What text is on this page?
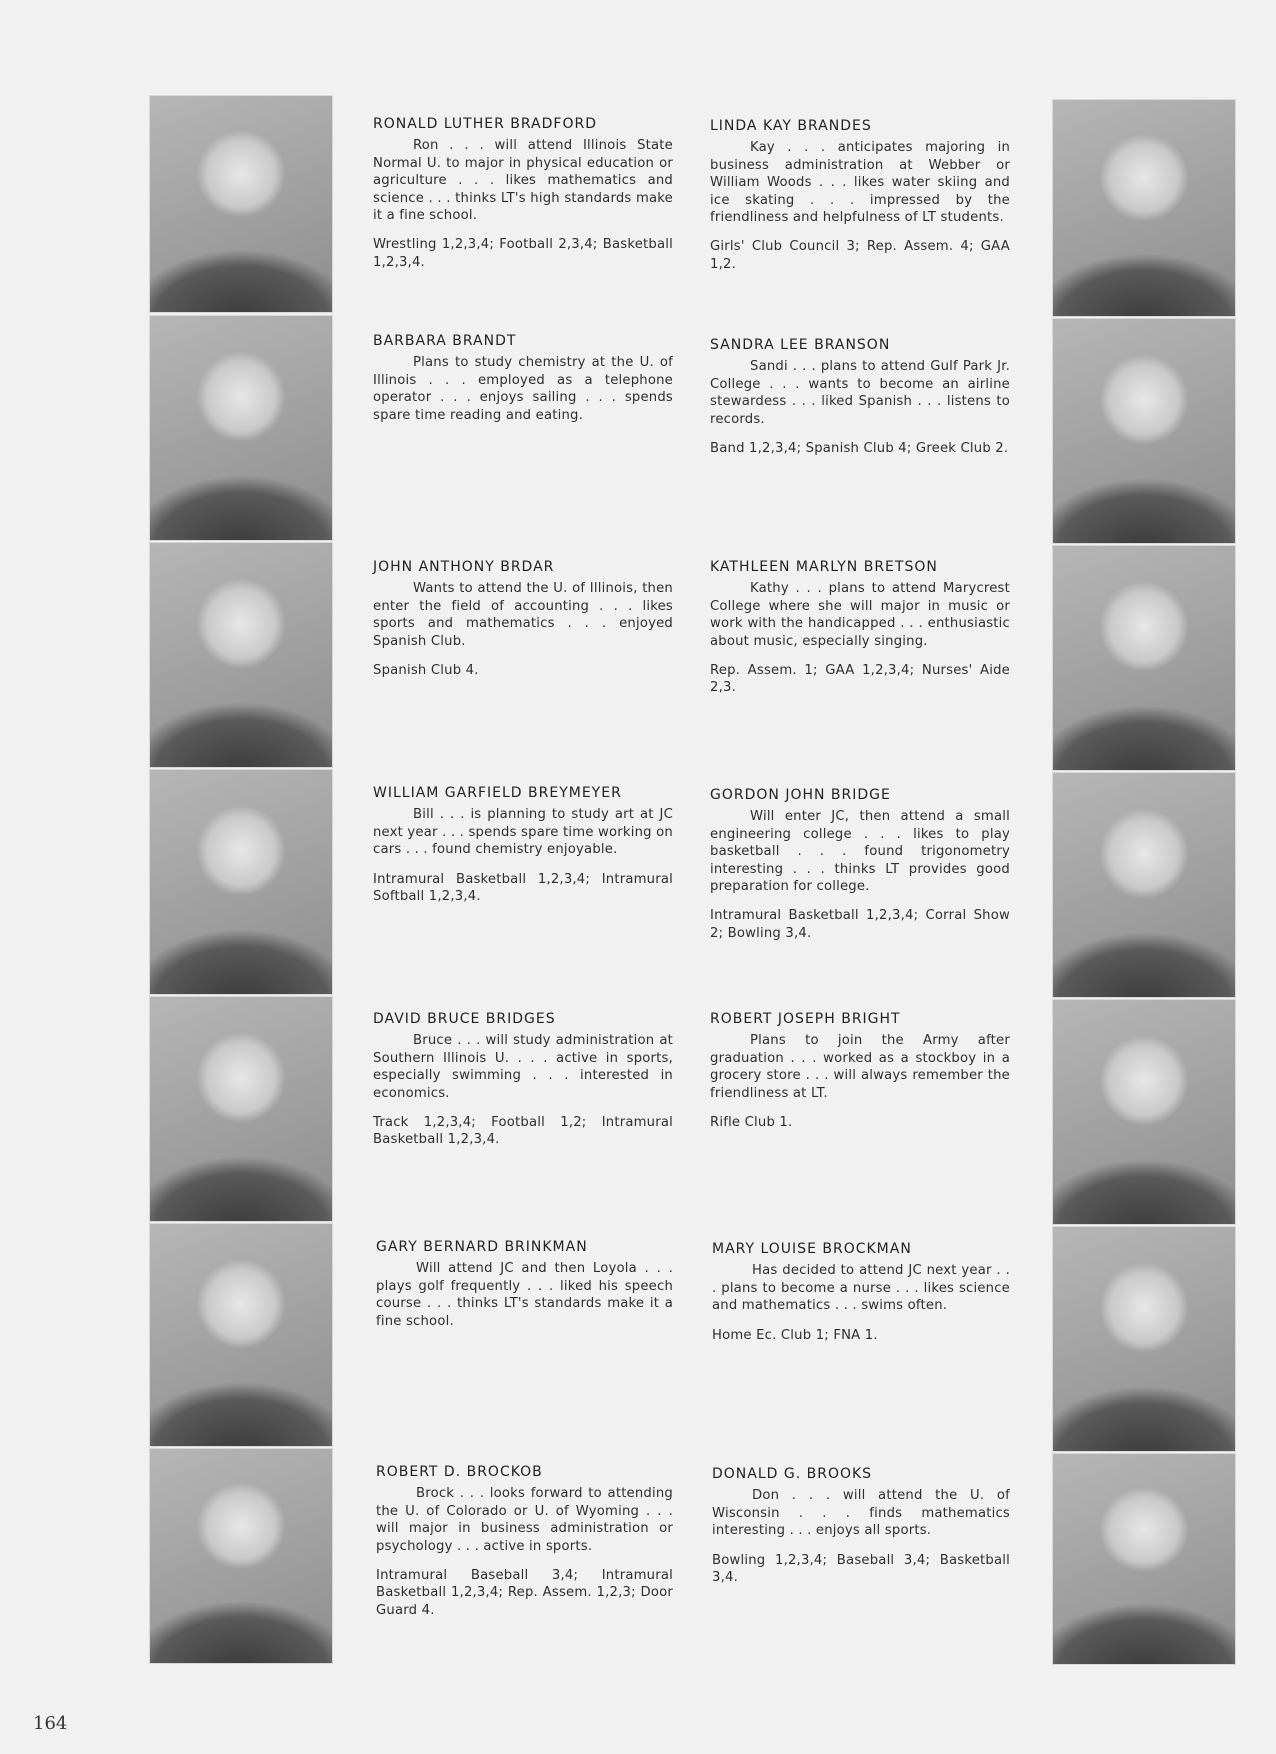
RONALD LUTHER BRADFORD
Ron . . . will attend Illinois State Normal U. to major in physical education or agriculture . . . likes mathematics and science . . . thinks LT's high standards make it a fine school.
Wrestling 1,2,3,4; Football 2,3,4; Basketball 1,2,3,4.
BARBARA BRANDT
Plans to study chemistry at the U. of Illinois . . . employed as a telephone operator . . . enjoys sailing . . . spends spare time reading and eating.
JOHN ANTHONY BRDAR
Wants to attend the U. of Illinois, then enter the field of accounting . . . likes sports and mathematics . . . enjoyed Spanish Club.
Spanish Club 4.
WILLIAM GARFIELD BREYMEYER
Bill . . . is planning to study art at JC next year . . . spends spare time working on cars . . . found chemistry enjoyable.
Intramural Basketball 1,2,3,4; Intramural Softball 1,2,3,4.
DAVID BRUCE BRIDGES
Bruce . . . will study administration at Southern Illinois U. . . . active in sports, especially swimming . . . interested in economics.
Track 1,2,3,4; Football 1,2; Intramural Basketball 1,2,3,4.
GARY BERNARD BRINKMAN
Will attend JC and then Loyola . . . plays golf frequently . . . liked his speech course . . . thinks LT's standards make it a fine school.
ROBERT D. BROCKOB
Brock . . . looks forward to attending the U. of Colorado or U. of Wyoming . . . will major in business administration or psychology . . . active in sports.
Intramural Baseball 3,4; Intramural Basketball 1,2,3,4; Rep. Assem. 1,2,3; Door Guard 4.
LINDA KAY BRANDES
Kay . . . anticipates majoring in business administration at Webber or William Woods . . . likes water skiing and ice skating . . . impressed by the friendliness and helpfulness of LT students.
Girls' Club Council 3; Rep. Assem. 4; GAA 1,2.
SANDRA LEE BRANSON
Sandi . . . plans to attend Gulf Park Jr. College . . . wants to become an airline stewardess . . . liked Spanish . . . listens to records.
Band 1,2,3,4; Spanish Club 4; Greek Club 2.
KATHLEEN MARLYN BRETSON
Kathy . . . plans to attend Marycrest College where she will major in music or work with the handicapped . . . enthusiastic about music, especially singing.
Rep. Assem. 1; GAA 1,2,3,4; Nurses' Aide 2,3.
GORDON JOHN BRIDGE
Will enter JC, then attend a small engineering college . . . likes to play basketball . . . found trigonometry interesting . . . thinks LT provides good preparation for college.
Intramural Basketball 1,2,3,4; Corral Show 2; Bowling 3,4.
ROBERT JOSEPH BRIGHT
Plans to join the Army after graduation . . . worked as a stockboy in a grocery store . . . will always remember the friendliness at LT.
Rifle Club 1.
MARY LOUISE BROCKMAN
Has decided to attend JC next year . . . plans to become a nurse . . . likes science and mathematics . . . swims often.
Home Ec. Club 1; FNA 1.
DONALD G. BROOKS
Don . . . will attend the U. of Wisconsin . . . finds mathematics interesting . . . enjoys all sports.
Bowling 1,2,3,4; Baseball 3,4; Basketball 3,4.
164
